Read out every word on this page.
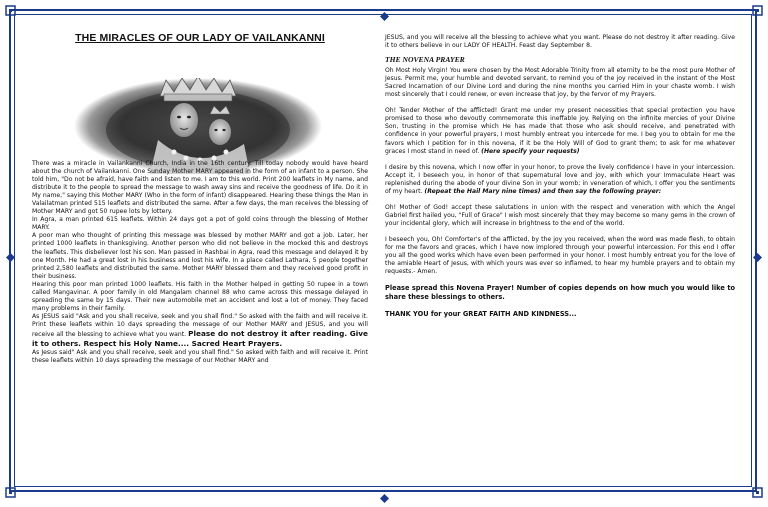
THE MIRACLES OF OUR LADY OF VAILANKANNI

There was a miracle in Vailankanni Church, India in the 16th century. Till today nobody would have heard about the church of Vailankanni. One Sunday Mother MARY appeared in the form of an infant to a person. She told him, "Do not be afraid, have faith and listen to me. I am to this world. Print 200 leaflets in My name, and distribute it to the people to spread the message to wash away sins and receive the goodness of life. Do it in My name," saying this Mother MARY (Who in the form of infant) disappeared. Hearing these things the Man in Valailatman printed 515 leaflets and distributed the same. After a few days, the man receives the blessing of Mother MARY and got 50 rupee lots by lottery.

In Agra, a man printed 615 leaflets. Within 24 days got a pot of gold coins through the blessing of Mother MARY.

A poor man who thought of printing this message was blessed by mother MARY and got a job. Later, her printed 1000 leaflets in thanksgiving. Another person who did not believe in the mocked this and destroys the leaflets. This disbeliever lost his son. Man passed in Rashbai in Agra, read this message and delayed it by one Month. He had a great lost in his business and lost his wife. In a place called Lathara, 5 people together printed 2,580 leaflets and distributed the same. Mother MARY blessed them and they received good profit in their business.

Hearing this poor man printed 1000 leaflets. His faith in the Mother helped in getting 50 rupee in a town called Mangavinar. A poor family in old Mangalam channel 88 who came across this message delayed in spreading the same by 15 days. Their new automobile met an accident and lost a lot of money. They faced many problems in their family.

As JESUS said "Ask and you shall receive, seek and you shall find." So asked with the faith and will receive it. Print these leaflets within 10 days spreading the message of our Mother MARY and JESUS, and you will receive all the blessing to achieve what you want. Please do not destroy it after reading. Give it to others. Respect his Holy Name.... Sacred Heart Prayers.

As Jesus said" Ask and you shall receive, seek and you shall find." So asked with faith and will receive it. Print these leaflets within 10 days spreading the message of our Mother MARY and

JESUS, and you will receive all the blessing to achieve what you want. Please do not destroy it after reading. Give it to others believe in our LADY OF HEALTH. Feast day September 8.

THE NOVENA PRAYER

Oh Most Holy Virgin! You were chosen by the Most Adorable Trinity from all eternity to be the most pure Mother of Jesus. Permit me, your humble and devoted servant, to remind you of the joy received in the instant of the Most Sacred Incarnation of our Divine Lord and during the nine months you carried Him in your chaste womb. I wish most sincerely that I could renew, or even increase that joy, by the fervor of my Prayers.

Oh! Tender Mother of the afflicted! Grant me under my present necessities that special protection you have promised to those who devoutly commemorate this ineffable joy. Relying on the infinite mercies of your Divine Son, trusting in the promise which He has made that those who ask should receive, and penetrated with confidence in your powerful prayers, I most humbly entreat you intercede for me. I beg you to obtain for me the favors which I petition for in this novena, if it be the Holy Will of God to grant them; to ask for me whatever graces I most stand in need of. (Here specify your requests)

I desire by this novena, which I now offer in your honor, to prove the lively confidence I have in your intercession. Accept it, I beseech you, in honor of that supernatural love and joy, with which your Immaculate Heart was replenished during the abode of your divine Son in your womb; in veneration of which, I offer you the sentiments of my heart. (Repeat the Hail Mary nine times) and then say the following prayer:

Oh! Mother of God! accept these salutations in union with the respect and veneration with which the Angel Gabriel first hailed you, "Full of Grace" I wish most sincerely that they may become so many gems in the crown of your incidental glory, which will increase in brightness to the end of the world.

I beseech you, Oh! Comforter's of the afflicted, by the joy you received, when the word was made flesh, to obtain for me the favors and graces, which I have now implored through your powerful intercession. For this end I offer you all the good works which have even been performed in your honor. I most humbly entreat you for the love of the amiable Heart of Jesus, with which yours was ever so inflamed, to hear my humble prayers and to obtain my requests.- Amen.

Please spread this Novena Prayer! Number of copies depends on how much you would like to share these blessings to others.

THANK YOU for your GREAT FAITH AND KINDNESS...
